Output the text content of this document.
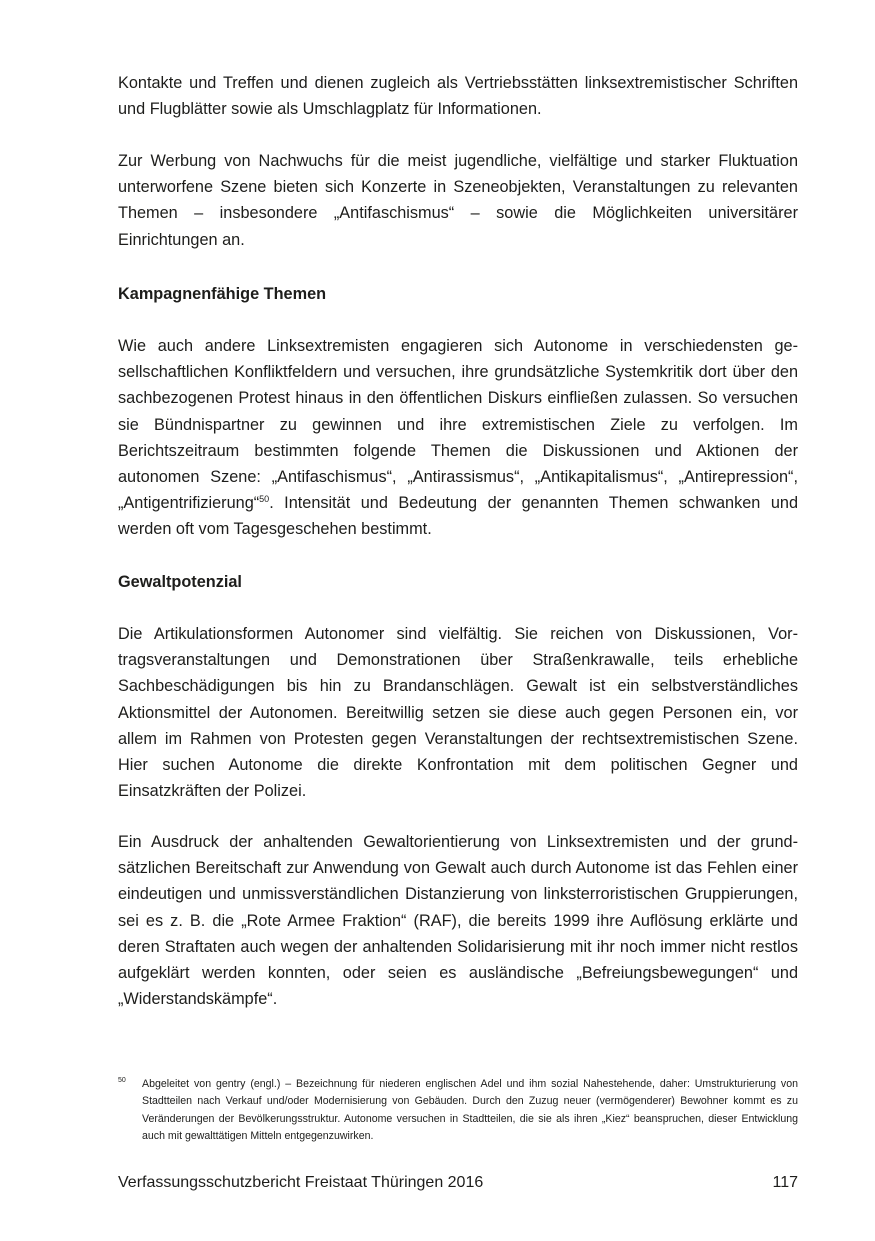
Kontakte und Treffen und dienen zugleich als Vertriebsstätten linksextremistischer Schriften und Flugblätter sowie als Umschlagplatz für Informationen.

Zur Werbung von Nachwuchs für die meist jugendliche, vielfältige und starker Fluktuation unterworfene Szene bieten sich Konzerte in Szeneobjekten, Veranstaltungen zu relevanten Themen – insbesondere „Antifaschismus“ – sowie die Möglichkeiten universitärer Einrichtungen an.

Kampagnenfähige Themen

Wie auch andere Linksextremisten engagieren sich Autonome in verschiedensten gesellschaftlichen Konfliktfeldern und versuchen, ihre grundsätzliche Systemkritik dort über den sachbezogenen Protest hinaus in den öffentlichen Diskurs einfließen zulassen. So versuchen sie Bündnispartner zu gewinnen und ihre extremistischen Ziele zu verfolgen. Im Berichtszeitraum bestimmten folgende Themen die Diskussionen und Aktionen der autonomen Szene: „Antifaschismus“, „Antirassismus“, „Antikapitalismus“, „Antirepression“, „Antigentrifizierung“$^{50}$. Intensität und Bedeutung der genannten Themen schwanken und werden oft vom Tagesgeschehen bestimmt.

Gewaltpotenzial

Die Artikulationsformen Autonomer sind vielfältig. Sie reichen von Diskussionen, Vortragsveranstaltungen und Demonstrationen über Straßenkrawalle, teils erhebliche Sachbeschädigungen bis hin zu Brandanschlägen. Gewalt ist ein selbstverständliches Aktionsmittel der Autonomen. Bereitwillig setzen sie diese auch gegen Personen ein, vor allem im Rahmen von Protesten gegen Veranstaltungen der rechtsextremistischen Szene. Hier suchen Autonome die direkte Konfrontation mit dem politischen Gegner und Einsatzkräften der Polizei.

Ein Ausdruck der anhaltenden Gewaltorientierung von Linksextremisten und der grundsätzlichen Bereitschaft zur Anwendung von Gewalt auch durch Autonome ist das Fehlen einer eindeutigen und unmissverständlichen Distanzierung von linksterroristischen Gruppierungen, sei es z. B. die „Rote Armee Fraktion“ (RAF), die bereits 1999 ihre Auflösung erklärte und deren Straftaten auch wegen der anhaltenden Solidarisierung mit ihr noch immer nicht restlos aufgeklärt werden konnten, oder seien es ausländische „Befreiungsbewegungen“ und „Widerstandskämpfe“.

50 Abgeleitet von gentry (engl.) – Bezeichnung für niederen englischen Adel und ihm sozial Nahestehende, daher: Umstrukturierung von Stadtteilen nach Verkauf und/oder Modernisierung von Gebäuden. Durch den Zuzug neuer (vermögenderer) Bewohner kommt es zu Veränderungen der Bevölkerungsstruktur. Autonome versuchen in Stadtteilen, die sie als ihren „Kiez“ beanspruchen, dieser Entwicklung auch mit gewalttätigen Mitteln entgegenzuwirken.

Verfassungsschutzbericht Freistaat Thüringen 2016	117
